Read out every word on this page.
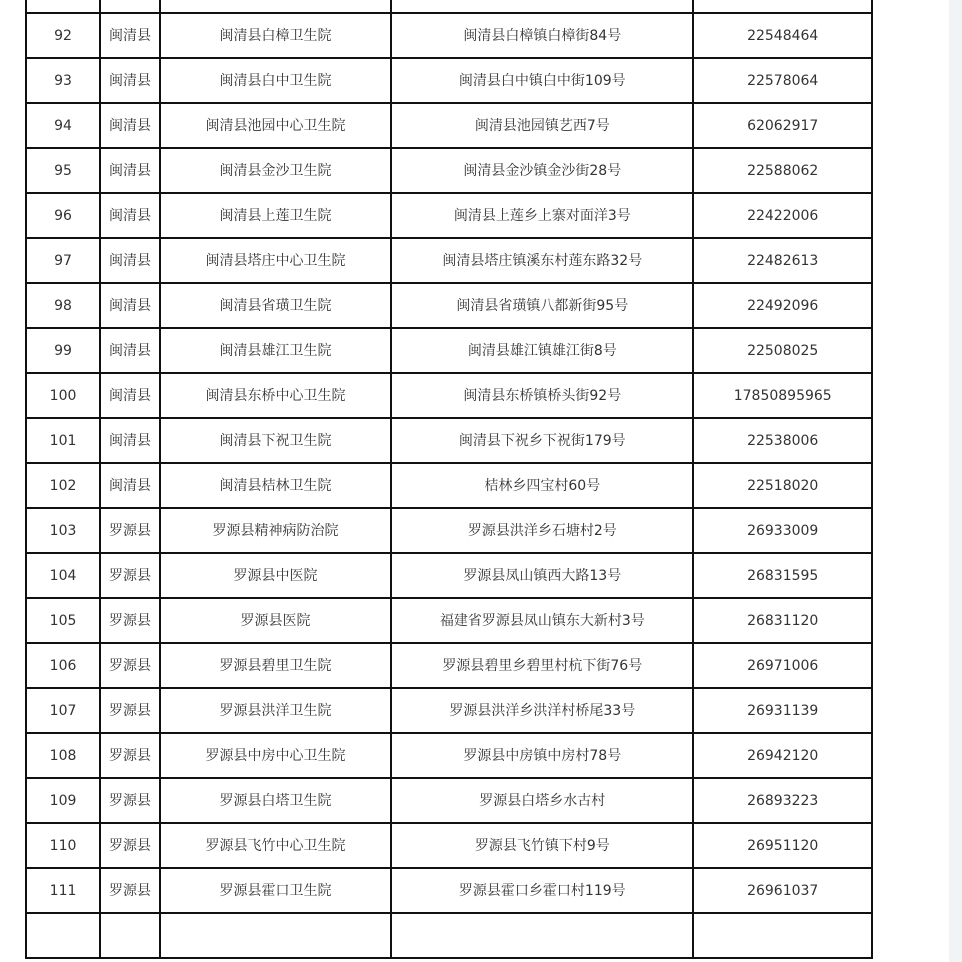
92	闽清县	闽清县白樟卫生院	闽清县白樟镇白樟街84号	22548464
93	闽清县	闽清县白中卫生院	闽清县白中镇白中街109号	22578064
94	闽清县	闽清县池园中心卫生院	闽清县池园镇艺西7号	62062917
95	闽清县	闽清县金沙卫生院	闽清县金沙镇金沙街28号	22588062
96	闽清县	闽清县上莲卫生院	闽清县上莲乡上寨对面洋3号	22422006
97	闽清县	闽清县塔庄中心卫生院	闽清县塔庄镇溪东村莲东路32号	22482613
98	闽清县	闽清县省璜卫生院	闽清县省璜镇八都新街95号	22492096
99	闽清县	闽清县雄江卫生院	闽清县雄江镇雄江街8号	22508025
100	闽清县	闽清县东桥中心卫生院	闽清县东桥镇桥头街92号	17850895965
101	闽清县	闽清县下祝卫生院	闽清县下祝乡下祝街179号	22538006
102	闽清县	闽清县桔林卫生院	桔林乡四宝村60号	22518020
103	罗源县	罗源县精神病防治院	罗源县洪洋乡石塘村2号	26933009
104	罗源县	罗源县中医院	罗源县凤山镇西大路13号	26831595
105	罗源县	罗源县医院	福建省罗源县凤山镇东大新村3号	26831120
106	罗源县	罗源县碧里卫生院	罗源县碧里乡碧里村杭下街76号	26971006
107	罗源县	罗源县洪洋卫生院	罗源县洪洋乡洪洋村桥尾33号	26931139
108	罗源县	罗源县中房中心卫生院	罗源县中房镇中房村78号	26942120
109	罗源县	罗源县白塔卫生院	罗源县白塔乡水古村	26893223
110	罗源县	罗源县飞竹中心卫生院	罗源县飞竹镇下村9号	26951120
111	罗源县	罗源县霍口卫生院	罗源县霍口乡霍口村119号	26961037
